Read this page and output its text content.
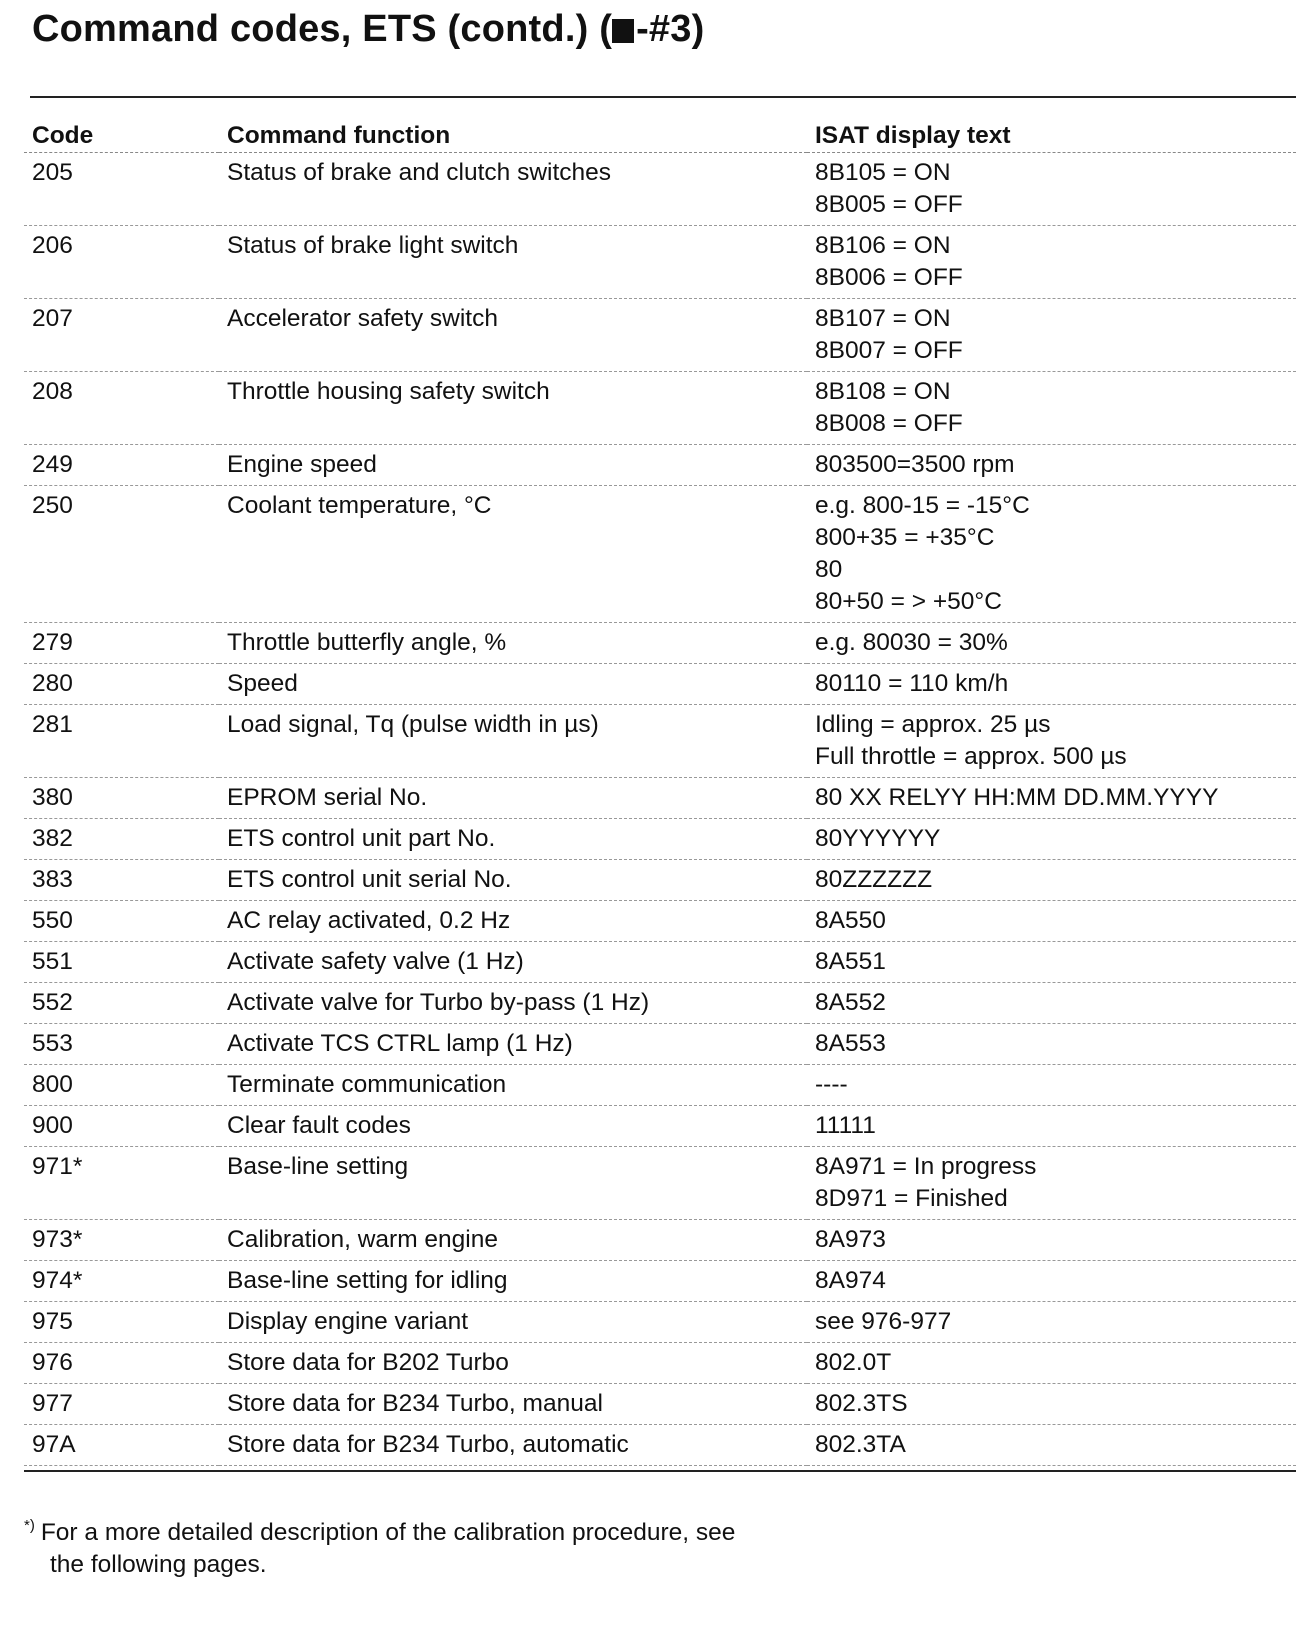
Command codes, ETS (contd.) ( -#3)
Code	Command function	ISAT display text
205	Status of brake and clutch switches	8B105 = ON
8B005 = OFF

206	Status of brake light switch	8B106 = ON
8B006 = OFF

207	Accelerator safety switch	8B107 = ON
8B007 = OFF

208	Throttle housing safety switch	8B108 = ON
8B008 = OFF

249	Engine speed	803500=3500 rpm

250	Coolant temperature, °C	e.g. 800-15 = -15°C
800+35 = +35°C
80
80+50 = > +50°C

279	Throttle butterfly angle, %	e.g. 80030 = 30%

280	Speed	80110 = 110 km/h

281	Load signal, Tq (pulse width in µs)	Idling = approx. 25 µs
Full throttle = approx. 500 µs

380	EPROM serial No.	80 XX RELYY HH:MM DD.MM.YYYY

382	ETS control unit part No.	80YYYYYY

383	ETS control unit serial No.	80ZZZZZZ

550	AC relay activated, 0.2 Hz	8A550

551	Activate safety valve (1 Hz)	8A551

552	Activate valve for Turbo by-pass (1 Hz)	8A552

553	Activate TCS CTRL lamp (1 Hz)	8A553

800	Terminate communication	----

900	Clear fault codes	11111

971*	Base-line setting	8A971 = In progress
8D971 = Finished

973*	Calibration, warm engine	8A973

974*	Base-line setting for idling	8A974

975	Display engine variant	see 976-977

976	Store data for B202 Turbo	802.0T

977	Store data for B234 Turbo, manual	802.3TS

97A	Store data for B234 Turbo, automatic	802.3TA
*) For a more detailed description of the calibration procedure, see the following pages.
